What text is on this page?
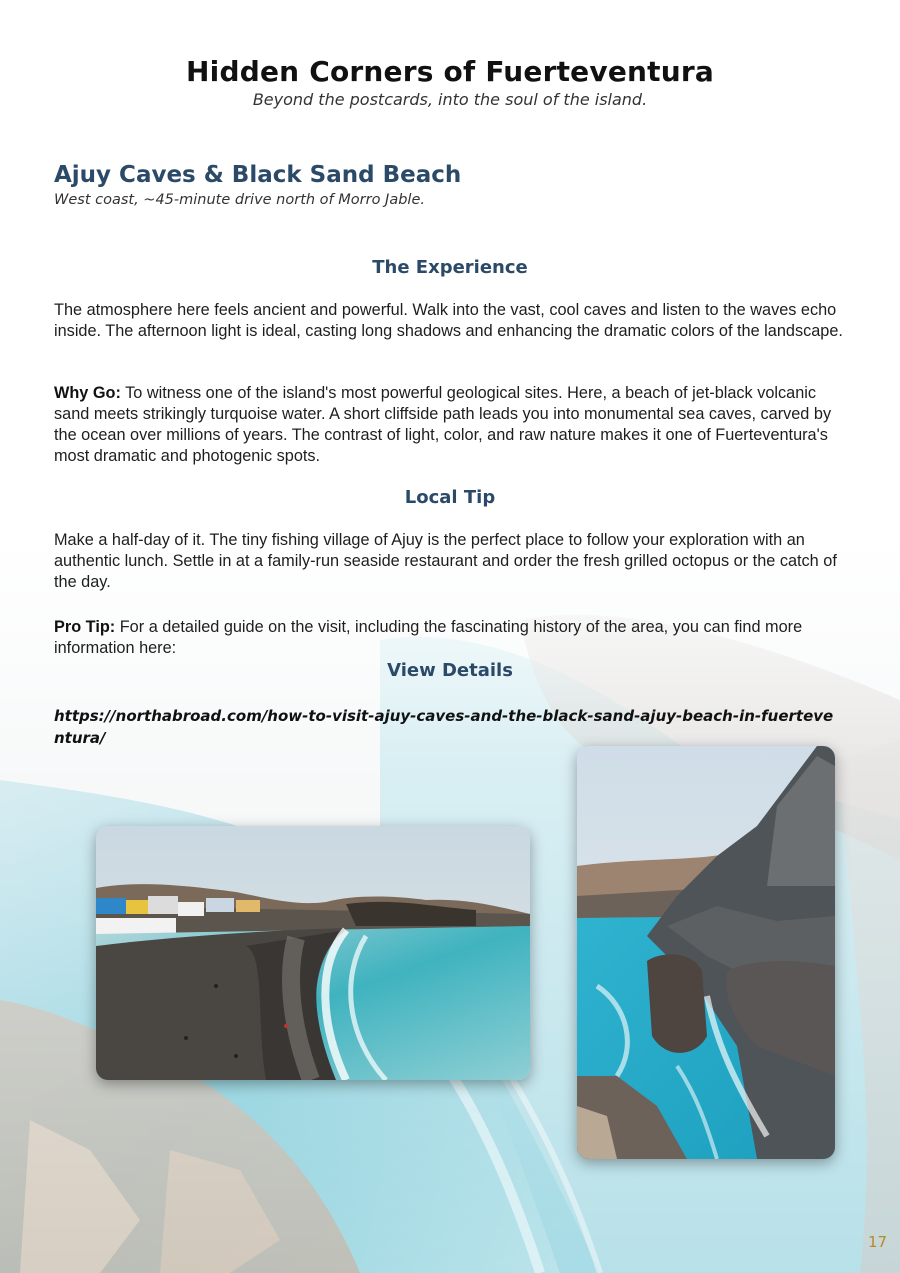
Hidden Corners of Fuerteventura
Beyond the postcards, into the soul of the island.
Ajuy Caves & Black Sand Beach
West coast, ~45-minute drive north of Morro Jable.
The Experience
The atmosphere here feels ancient and powerful. Walk into the vast, cool caves and listen to the waves echo inside. The afternoon light is ideal, casting long shadows and enhancing the dramatic colors of the landscape.
Why Go: To witness one of the island's most powerful geological sites. Here, a beach of jet-black volcanic sand meets strikingly turquoise water. A short cliffside path leads you into monumental sea caves, carved by the ocean over millions of years. The contrast of light, color, and raw nature makes it one of Fuerteventura's most dramatic and photogenic spots.
Local Tip
Make a half-day of it. The tiny fishing village of Ajuy is the perfect place to follow your exploration with an authentic lunch. Settle in at a family-run seaside restaurant and order the fresh grilled octopus or the catch of the day.
Pro Tip: For a detailed guide on the visit, including the fascinating history of the area, you can find more information here:
View Details
https://northabroad.com/how-to-visit-ajuy-caves-and-the-black-sand-ajuy-beach-in-fuerteventura/
17
